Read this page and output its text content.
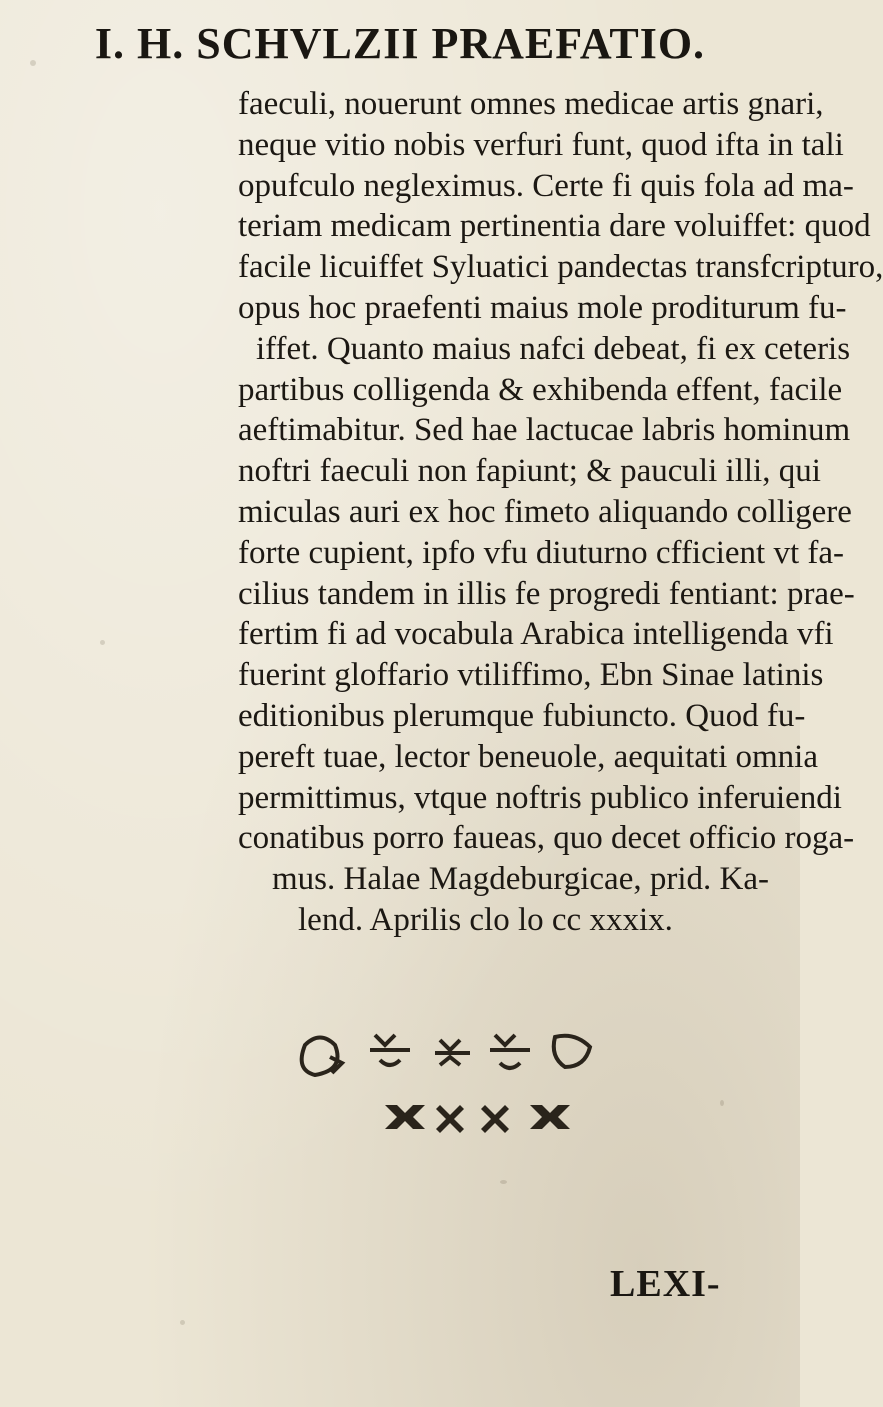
I. H. SCHVLZII PRAEFATIO.
faeculi, nouerunt omnes medicae artis gnari,
neque vitio nobis verfuri funt, quod ifta in tali
opufculo neglеximus. Certe fi quis fola ad ma-
teriam medicam pertinentia dare voluiffet: quod
facile licuiffet Syluatici pandectas transfcripturo,
opus hoc praefenti maius mole proditurum fu-
iffet. Quanto maius nafci debeat, fi ex ceteris
partibus colligenda & exhibenda effent, facile
aeftimabitur. Sed hae lactucae labris hominum
noftri faeculi non fapiunt; & pauculi illi, qui
miculas auri ex hoc fimeto aliquando colligere
forte cupient, ipfo vfu diuturno cfficient vt fa-
cilius tandem in illis fe progredi fentiant: prae-
fertim fi ad vocabula Arabica intelligenda vfi
fuerint gloffario vtiliffimo, Ebn Sinae latinis
editionibus plerumque fubiuncto. Quod fu-
pereft tuae, lector beneuole, aequitati omnia
permittimus, vtque noftris publico inferuiendi
conatibus porro faueas, quo decet officio roga-
mus. Halae Magdeburgicae, prid. Ka-
lend. Aprilis clo lo cc xxxix.
LEXI-
